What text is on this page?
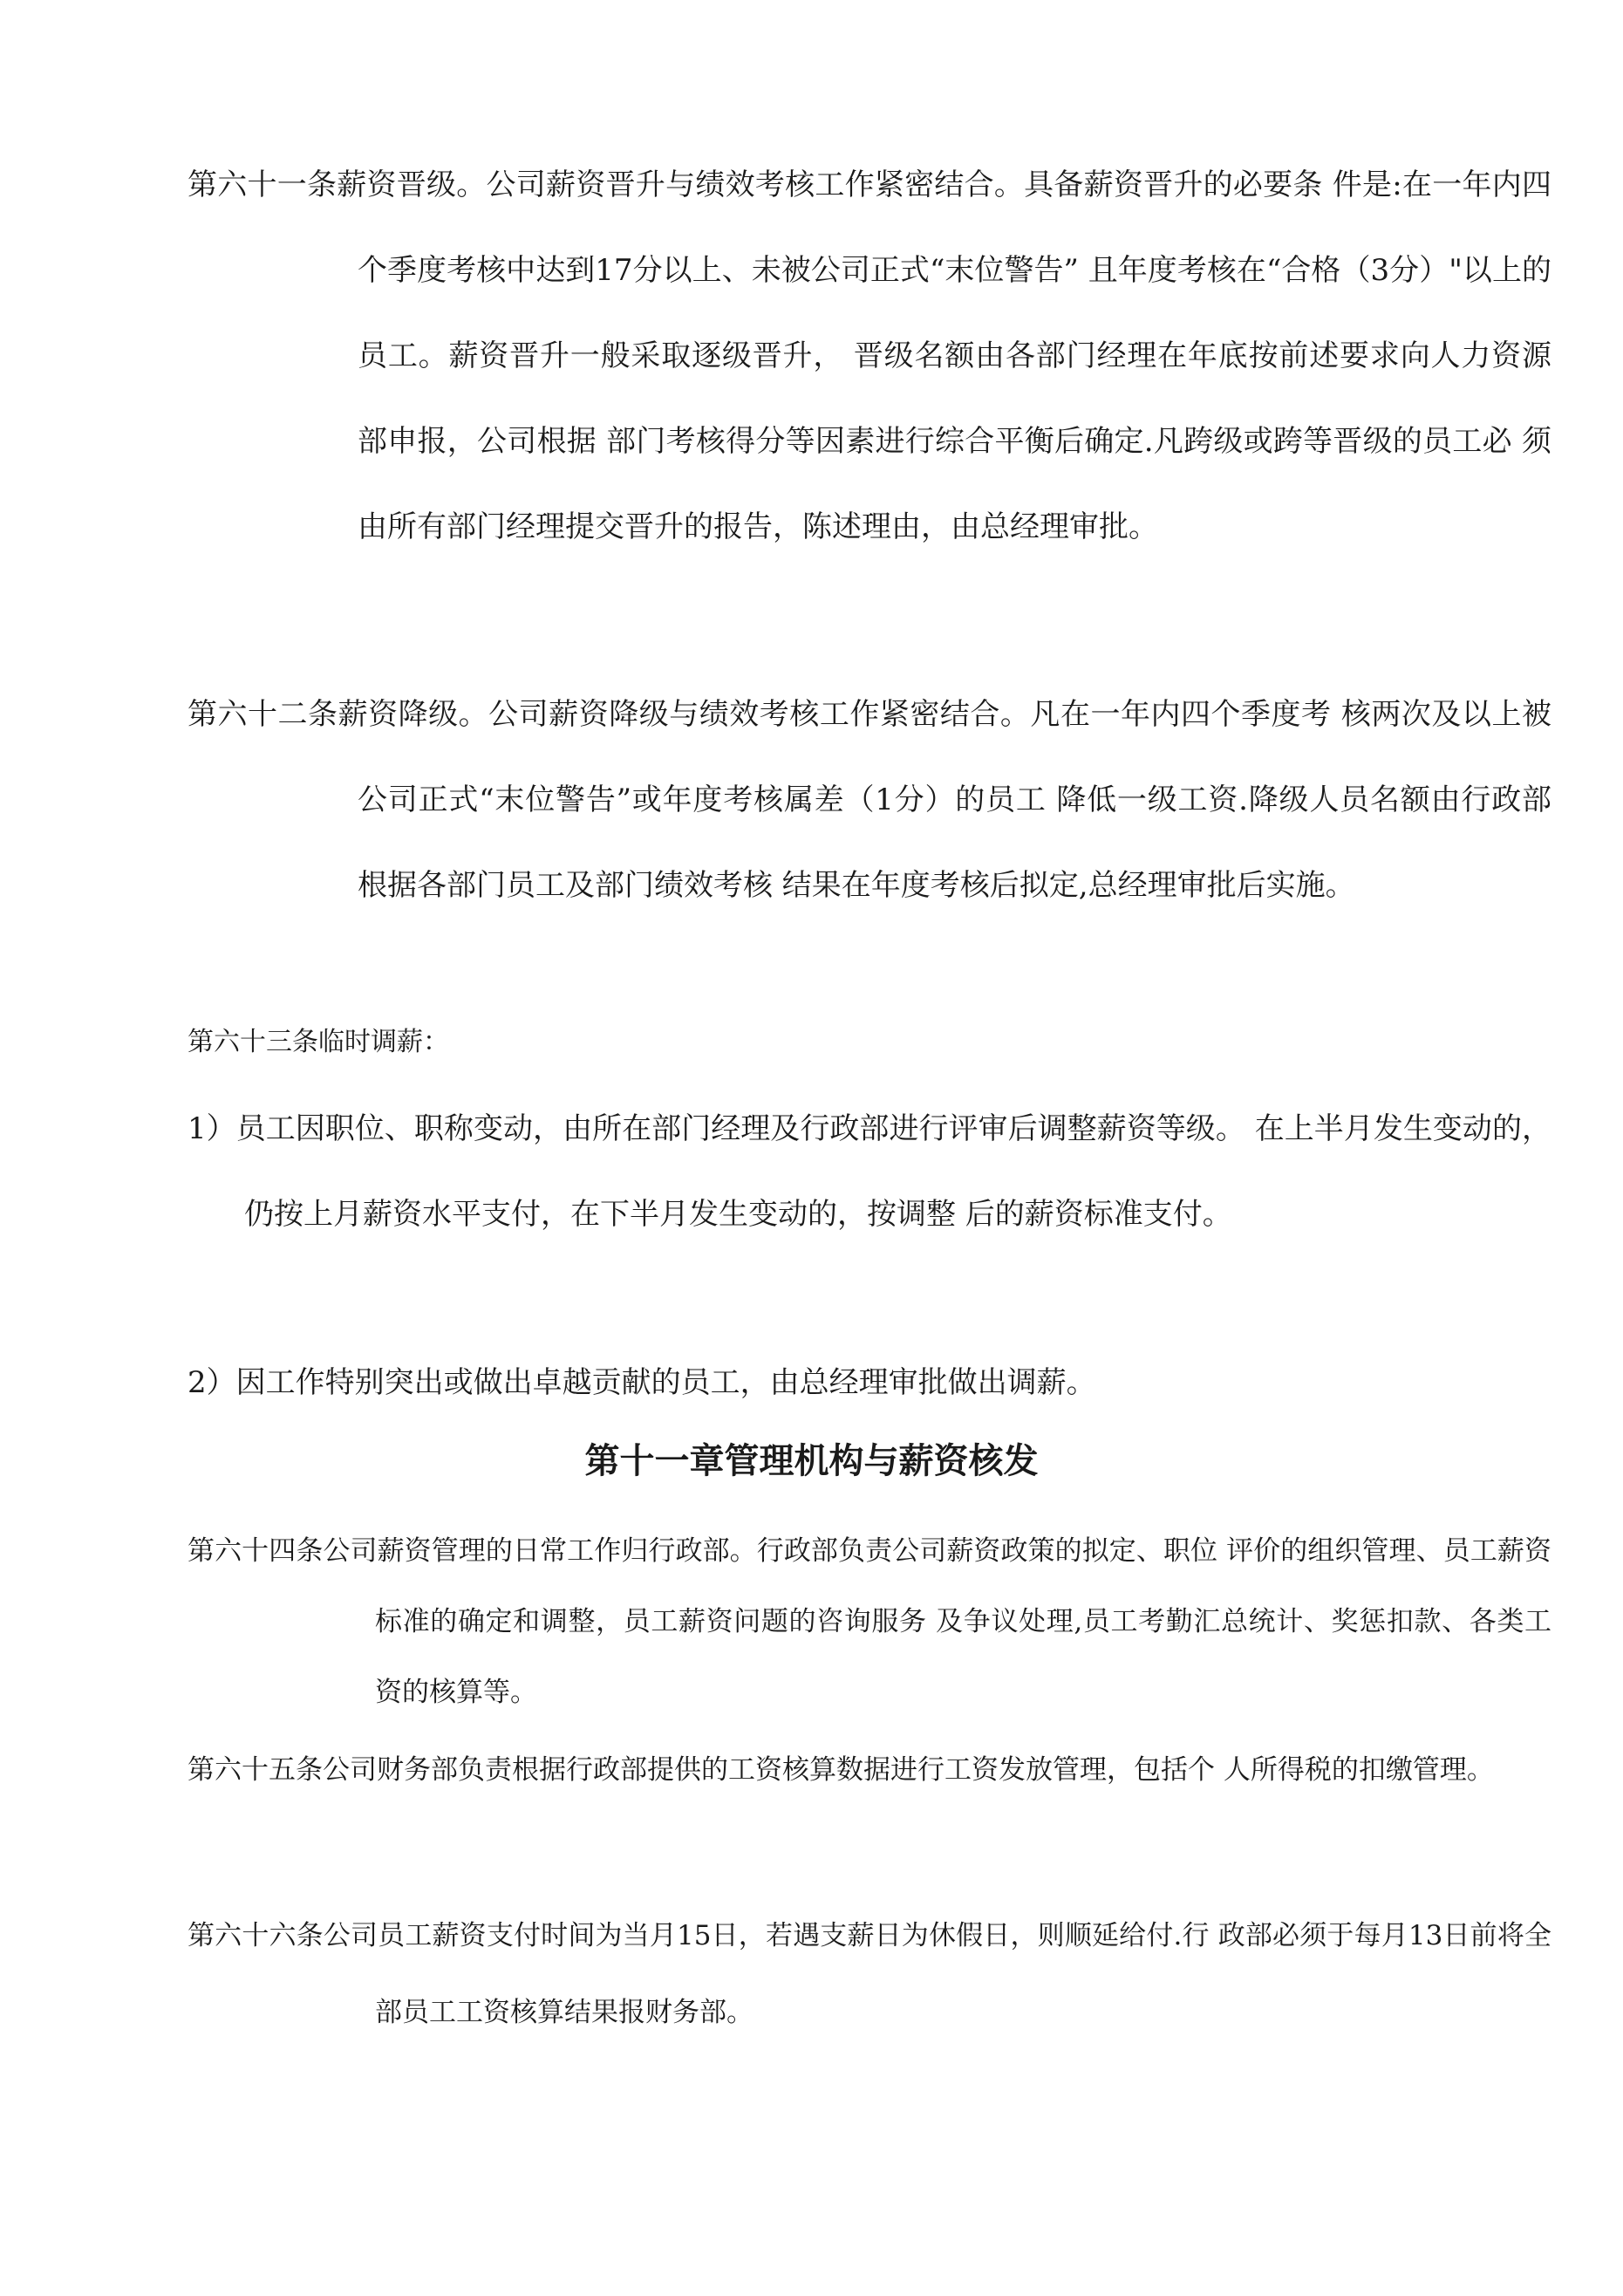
第六十一条薪资晋级。公司薪资晋升与绩效考核工作紧密结合。具备薪资晋升的必要条 件是:在一年内四个季度考核中达到17分以上、未被公司正式“末位警告” 且年度考核在“合格（3分）"以上的员工。薪资晋升一般采取逐级晋升， 晋级名额由各部门经理在年底按前述要求向人力资源部申报，公司根据 部门考核得分等因素进行综合平衡后确定.凡跨级或跨等晋级的员工必 须由所有部门经理提交晋升的报告，陈述理由，由总经理审批。

第六十二条薪资降级。公司薪资降级与绩效考核工作紧密结合。凡在一年内四个季度考 核两次及以上被公司正式“末位警告”或年度考核属差（1分）的员工 降低一级工资.降级人员名额由行政部根据各部门员工及部门绩效考核 结果在年度考核后拟定,总经理审批后实施。

第六十三条临时调薪：

1）员工因职位、职称变动，由所在部门经理及行政部进行评审后调整薪资等级。 在上半月发生变动的，仍按上月薪资水平支付，在下半月发生变动的，按调整 后的薪资标准支付。

2）因工作特别突出或做出卓越贡献的员工，由总经理审批做出调薪。

第十一章管理机构与薪资核发

第六十四条公司薪资管理的日常工作归行政部。行政部负责公司薪资政策的拟定、职位 评价的组织管理、员工薪资标准的确定和调整，员工薪资问题的咨询服务 及争议处理,员工考勤汇总统计、奖惩扣款、各类工资的核算等。

第六十五条公司财务部负责根据行政部提供的工资核算数据进行工资发放管理，包括个 人所得税的扣缴管理。

第六十六条公司员工薪资支付时间为当月15日，若遇支薪日为休假日，则顺延给付.行 政部必须于每月13日前将全部员工工资核算结果报财务部。
